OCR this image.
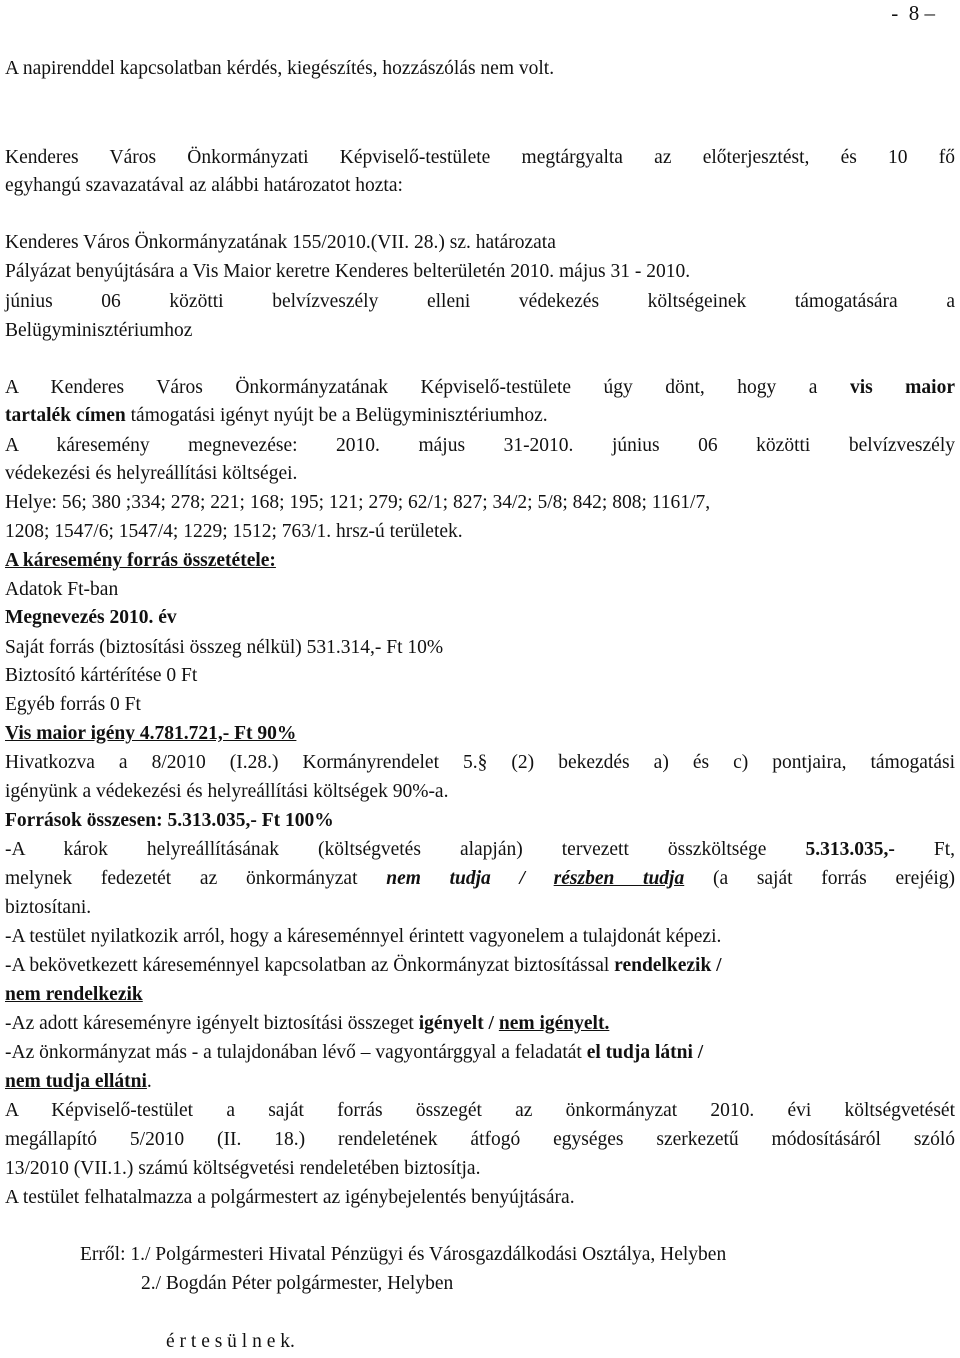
-  8 –
A napirenddel kapcsolatban kérdés, kiegészítés, hozzászólás nem volt.
Kenderes Város Önkormányzati Képviselő-testülete megtárgyalta az előterjesztést, és 10 fő
egyhangú szavazatával az alábbi határozatot hozta:
Kenderes Város Önkormányzatának 155/2010.(VII. 28.) sz. határozata
Pályázat benyújtására a Vis Maior keretre Kenderes belterületén 2010. május 31 - 2010.
június 06 közötti belvízveszély elleni védekezés költségeinek támogatására a
Belügyminisztériumhoz
A Kenderes Város Önkormányzatának Képviselő-testülete úgy dönt, hogy a vis maior
tartalék címen támogatási igényt nyújt be a Belügyminisztériumhoz.
A káresemény megnevezése: 2010. május 31-2010. június 06 közötti belvízveszély
védekezési és helyreállítási költségei.
Helye: 56; 380 ;334; 278; 221; 168; 195; 121; 279; 62/1; 827; 34/2; 5/8; 842; 808; 1161/7,
1208; 1547/6; 1547/4; 1229; 1512; 763/1. hrsz-ú területek.
A káresemény forrás összetétele:
Adatok Ft-ban
Megnevezés 2010. év
Saját forrás (biztosítási összeg nélkül) 531.314,- Ft 10%
Biztosító kártérítése 0 Ft
Egyéb forrás 0 Ft
Vis maior igény 4.781.721,- Ft 90%
Hivatkozva a 8/2010 (I.28.) Kormányrendelet 5.§ (2) bekezdés a) és c) pontjaira, támogatási
igényünk a védekezési és helyreállítási költségek 90%-a.
Források összesen: 5.313.035,- Ft 100%
-A károk helyreállításának (költségvetés alapján) tervezett összköltsége 5.313.035,- Ft,
melynek fedezetét az önkormányzat nem tudja / részben tudja (a saját forrás erejéig)
biztosítani.
-A testület nyilatkozik arról, hogy a káreseménnyel érintett vagyonelem a tulajdonát képezi.
-A bekövetkezett káreseménnyel kapcsolatban az Önkormányzat biztosítással rendelkezik /
nem rendelkezik
-Az adott káreseményre igényelt biztosítási összeget igényelt / nem igényelt.
-Az önkormányzat más - a tulajdonában lévő – vagyontárggyal a feladatát el tudja látni /
nem tudja ellátni.
A Képviselő-testület a saját forrás összegét az önkormányzat 2010. évi költségvetését
megállapító 5/2010 (II. 18.) rendeletének átfogó egységes szerkezetű módosításáról szóló
13/2010 (VII.1.) számú költségvetési rendeletében biztosítja.
A testület felhatalmazza a polgármestert az igénybejelentés benyújtására.
Erről: 1./ Polgármesteri Hivatal Pénzügyi és Városgazdálkodási Osztálya, Helyben
2./ Bogdán Péter polgármester, Helyben
é r t e s ü l n e k.
